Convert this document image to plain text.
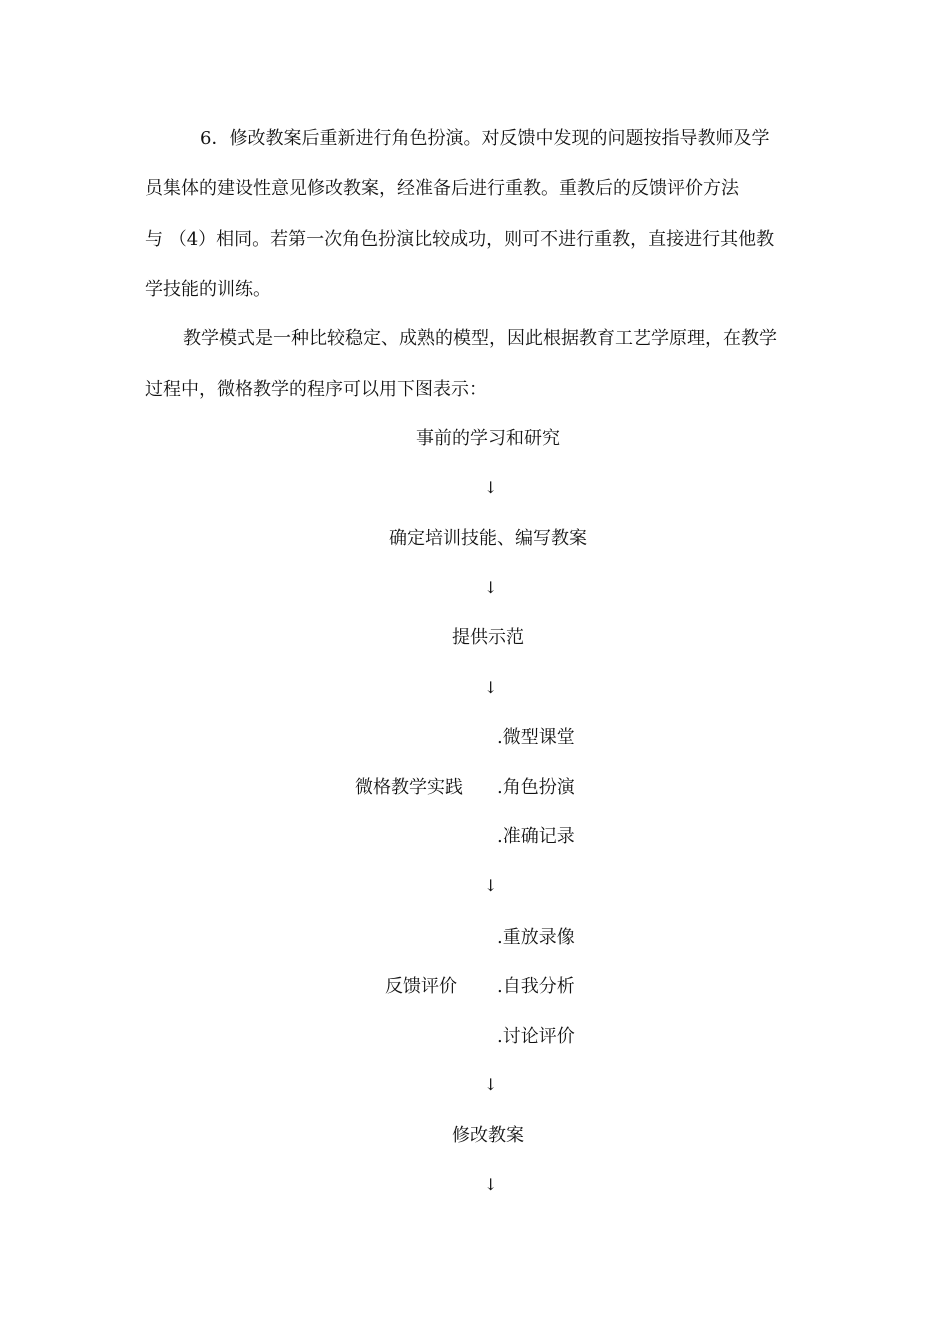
6．修改教案后重新进行角色扮演。对反馈中发现的问题按指导教师及学
员集体的建设性意见修改教案，经准备后进行重教。重教后的反馈评价方法
与 （4）相同。若第一次角色扮演比较成功，则可不进行重教，直接进行其他教
学技能的训练。
教学模式是一种比较稳定、成熟的模型，因此根据教育工艺学原理，在教学
过程中，微格教学的程序可以用下图表示：
事前的学习和研究
↓
确定培训技能、编写教案
↓
提供示范
↓
.微型课堂
微格教学实践 .角色扮演
.准确记录
↓
.重放录像
反馈评价 .自我分析
.讨论评价
↓
修改教案
↓
